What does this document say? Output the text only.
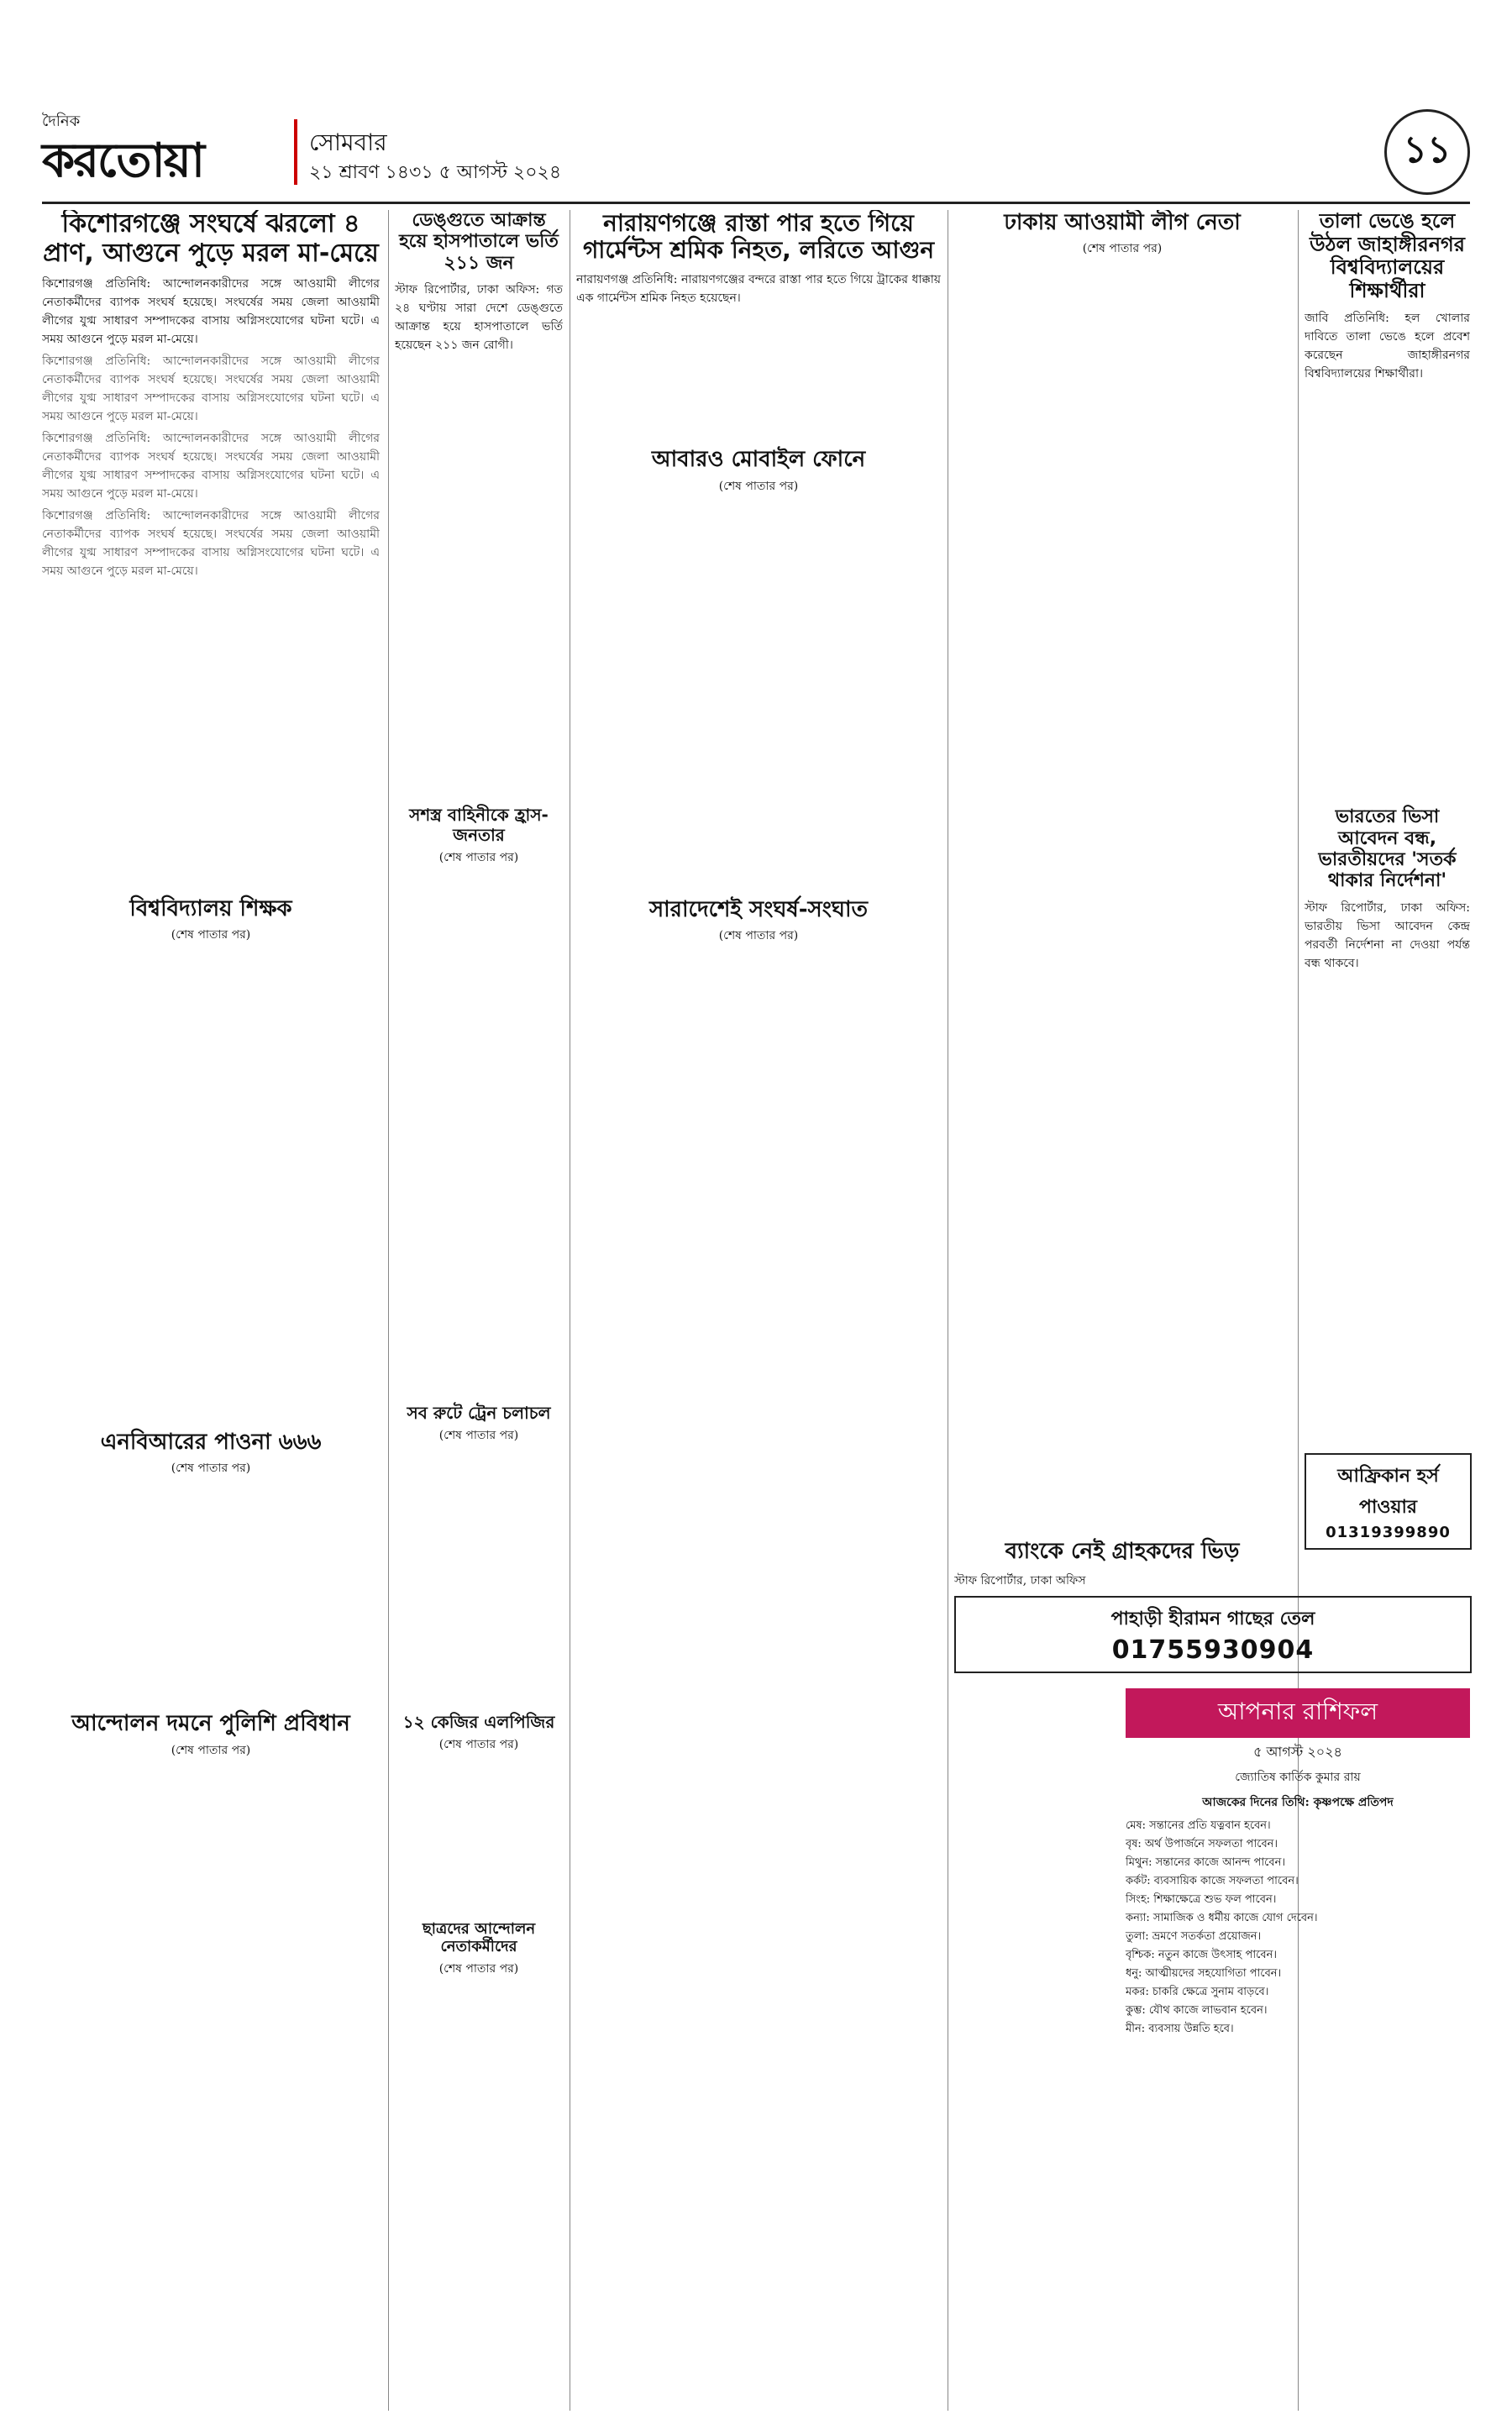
দৈনিক
করতোয়া	সোমবার
২১ শ্রাবণ ১৪৩১ ৫ আগস্ট ২০২৪
১১
কিশোরগঞ্জে সংঘর্ষে ঝরলো ৪ প্রাণ, আগুনে পুড়ে মরল মা-মেয়ে

কিশোরগঞ্জ প্রতিনিধি: আন্দোলনকারীদের সঙ্গে আওয়ামী লীগের নেতাকর্মীদের ব্যাপক সংঘর্ষ হয়েছে। সংঘর্ষের সময় জেলা আওয়ামী লীগের যুগ্ম সাধারণ সম্পাদকের বাসায় অগ্নিসংযোগের ঘটনা ঘটে। এ সময় আগুনে পুড়ে মরল মা-মেয়ে।

কিশোরগঞ্জ প্রতিনিধি: আন্দোলনকারীদের সঙ্গে আওয়ামী লীগের নেতাকর্মীদের ব্যাপক সংঘর্ষ হয়েছে। সংঘর্ষের সময় জেলা আওয়ামী লীগের যুগ্ম সাধারণ সম্পাদকের বাসায় অগ্নিসংযোগের ঘটনা ঘটে। এ সময় আগুনে পুড়ে মরল মা-মেয়ে।

কিশোরগঞ্জ প্রতিনিধি: আন্দোলনকারীদের সঙ্গে আওয়ামী লীগের নেতাকর্মীদের ব্যাপক সংঘর্ষ হয়েছে। সংঘর্ষের সময় জেলা আওয়ামী লীগের যুগ্ম সাধারণ সম্পাদকের বাসায় অগ্নিসংযোগের ঘটনা ঘটে। এ সময় আগুনে পুড়ে মরল মা-মেয়ে।

কিশোরগঞ্জ প্রতিনিধি: আন্দোলনকারীদের সঙ্গে আওয়ামী লীগের নেতাকর্মীদের ব্যাপক সংঘর্ষ হয়েছে। সংঘর্ষের সময় জেলা আওয়ামী লীগের যুগ্ম সাধারণ সম্পাদকের বাসায় অগ্নিসংযোগের ঘটনা ঘটে। এ সময় আগুনে পুড়ে মরল মা-মেয়ে।

বিশ্ববিদ্যালয় শিক্ষক
(শেষ পাতার পর)
এনবিআরের পাওনা ৬৬৬
(শেষ পাতার পর)
আন্দোলন দমনে পুলিশি প্রবিধান
(শেষ পাতার পর)
ডেঙ্গুতে আক্রান্ত হয়ে হাসপাতালে ভর্তি ২১১ জন

স্টাফ রিপোর্টার, ঢাকা অফিস: গত ২৪ ঘণ্টায় সারা দেশে ডেঙ্গুতে আক্রান্ত হয়ে হাসপাতালে ভর্তি হয়েছেন ২১১ জন রোগী।

সশস্ত্র বাহিনীকে হ্রাস-জনতার
(শেষ পাতার পর)
সব রুটে ট্রেন চলাচল
(শেষ পাতার পর)
১২ কেজির এলপিজির
(শেষ পাতার পর)
ছাত্রদের আন্দোলন নেতাকর্মীদের
(শেষ পাতার পর)
নারায়ণগঞ্জে রাস্তা পার হতে গিয়ে গার্মেন্টস শ্রমিক নিহত, লরিতে আগুন

নারায়ণগঞ্জ প্রতিনিধি: নারায়ণগঞ্জের বন্দরে রাস্তা পার হতে গিয়ে ট্রাকের ধাক্কায় এক গার্মেন্টস শ্রমিক নিহত হয়েছেন।

আবারও মোবাইল ফোনে
(শেষ পাতার পর)
সারাদেশেই সংঘর্ষ-সংঘাত
(শেষ পাতার পর)
ঢাকায় আওয়ামী লীগ নেতা
(শেষ পাতার পর)
ব্যাংকে নেই গ্রাহকদের ভিড়

স্টাফ রিপোর্টার, ঢাকা অফিস

তালা ভেঙে হলে উঠল জাহাঙ্গীরনগর বিশ্ববিদ্যালয়ের শিক্ষার্থীরা

জাবি প্রতিনিধি: হল খোলার দাবিতে তালা ভেঙে হলে প্রবেশ করেছেন জাহাঙ্গীরনগর বিশ্ববিদ্যালয়ের শিক্ষার্থীরা।

ভারতের ভিসা আবেদন বন্ধ, ভারতীয়দের 'সতর্ক থাকার নির্দেশনা'

স্টাফ রিপোর্টার, ঢাকা অফিস: ভারতীয় ভিসা আবেদন কেন্দ্র পরবর্তী নির্দেশনা না দেওয়া পর্যন্ত বন্ধ থাকবে।

আফ্রিকান হর্স পাওয়ার
01319399890
পাহাড়ী হীরামন গাছের তেল
01755930904
আপনার রাশিফল
৫ আগস্ট ২০২৪
জ্যোতিষ কার্তিক কুমার রায়
আজকের দিনের তিথি: কৃষ্ণপক্ষে প্রতিপদ

মেষ: সন্তানের প্রতি যত্নবান হবেন।

বৃষ: অর্থ উপার্জনে সফলতা পাবেন।

মিথুন: সন্তানের কাজে আনন্দ পাবেন।

কর্কট: ব্যবসায়িক কাজে সফলতা পাবেন।

সিংহ: শিক্ষাক্ষেত্রে শুভ ফল পাবেন।

কন্যা: সামাজিক ও ধর্মীয় কাজে যোগ দেবেন।

তুলা: ভ্রমণে সতর্কতা প্রয়োজন।

বৃশ্চিক: নতুন কাজে উৎসাহ পাবেন।

ধনু: আত্মীয়দের সহযোগিতা পাবেন।

মকর: চাকরি ক্ষেত্রে সুনাম বাড়বে।

কুম্ভ: যৌথ কাজে লাভবান হবেন।

মীন: ব্যবসায় উন্নতি হবে।
